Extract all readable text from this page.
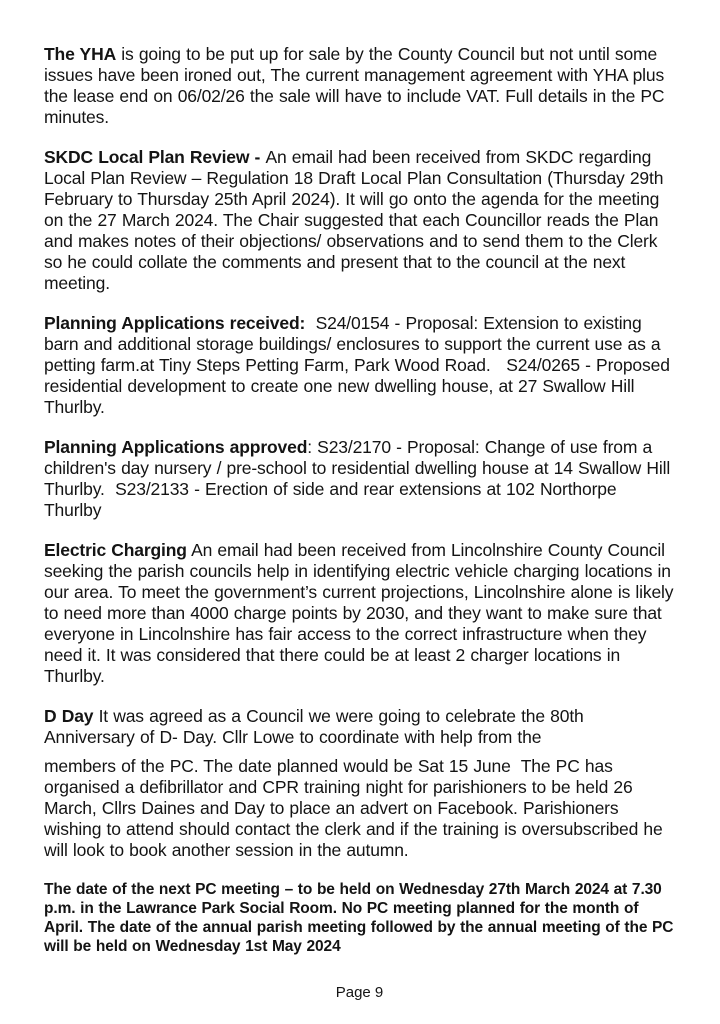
The YHA is going to be put up for sale by the County Council but not until some issues have been ironed out, The current management agreement with YHA plus the lease end on 06/02/26 the sale will have to include VAT. Full details in the PC minutes.

SKDC Local Plan Review - An email had been received from SKDC regarding Local Plan Review – Regulation 18 Draft Local Plan Consultation (Thursday 29th February to Thursday 25th April 2024). It will go onto the agenda for the meeting on the 27 March 2024. The Chair suggested that each Councillor reads the Plan and makes notes of their objections/ observations and to send them to the Clerk so he could collate the comments and present that to the council at the next meeting.

Planning Applications received:  S24/0154 - Proposal: Extension to existing barn and additional storage buildings/ enclosures to support the current use as a petting farm.at Tiny Steps Petting Farm, Park Wood Road.   S24/0265 - Proposed residential development to create one new dwelling house, at 27 Swallow Hill Thurlby.

Planning Applications approved: S23/2170 - Proposal: Change of use from a children's day nursery / pre-school to residential dwelling house at 14 Swallow Hill Thurlby.  S23/2133 - Erection of side and rear extensions at 102 Northorpe Thurlby

Electric Charging An email had been received from Lincolnshire County Council seeking the parish councils help in identifying electric vehicle charging locations in our area. To meet the government’s current projections, Lincolnshire alone is likely to need more than 4000 charge points by 2030, and they want to make sure that everyone in Lincolnshire has fair access to the correct infrastructure when they need it. It was considered that there could be at least 2 charger locations in Thurlby.

D Day It was agreed as a Council we were going to celebrate the 80th Anniversary of D- Day. Cllr Lowe to coordinate with help from the

members of the PC. The date planned would be Sat 15 June  The PC has organised a defibrillator and CPR training night for parishioners to be held 26 March, Cllrs Daines and Day to place an advert on Facebook. Parishioners wishing to attend should contact the clerk and if the training is oversubscribed he will look to book another session in the autumn.

The date of the next PC meeting – to be held on Wednesday 27th March 2024 at 7.30 p.m. in the Lawrance Park Social Room. No PC meeting planned for the month of April. The date of the annual parish meeting followed by the annual meeting of the PC will be held on Wednesday 1st May 2024

Page 9
